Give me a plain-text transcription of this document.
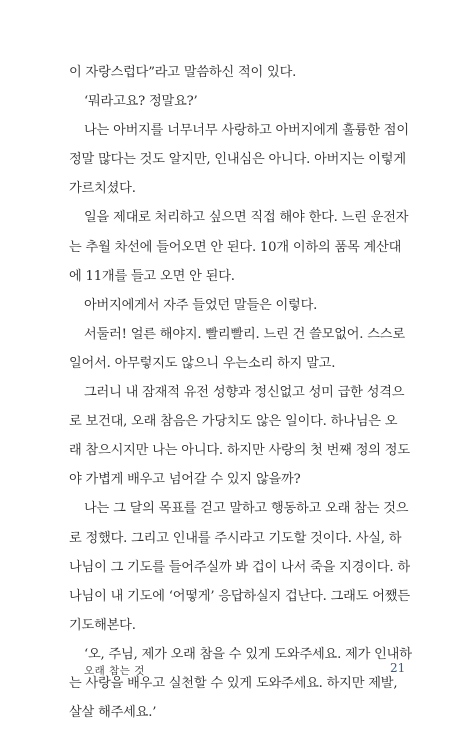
이 자랑스럽다”라고 말씀하신 적이 있다.
‘뭐라고요? 정말요?’
나는 아버지를 너무너무 사랑하고 아버지에게 훌륭한 점이
정말 많다는 것도 알지만, 인내심은 아니다. 아버지는 이렇게
가르치셨다.
일을 제대로 처리하고 싶으면 직접 해야 한다. 느린 운전자
는 추월 차선에 들어오면 안 된다. 10개 이하의 품목 계산대
에 11개를 들고 오면 안 된다.
아버지에게서 자주 들었던 말들은 이렇다.
서둘러! 얼른 해야지. 빨리빨리. 느린 건 쓸모없어. 스스로
일어서. 아무렇지도 않으니 우는소리 하지 말고.
그러니 내 잠재적 유전 성향과 정신없고 성미 급한 성격으
로 보건대, 오래 참음은 가당치도 않은 일이다. 하나님은 오
래 참으시지만 나는 아니다. 하지만 사랑의 첫 번째 정의 정도
야 가볍게 배우고 넘어갈 수 있지 않을까?
나는 그 달의 목표를 걷고 말하고 행동하고 오래 참는 것으
로 정했다. 그리고 인내를 주시라고 기도할 것이다. 사실, 하
나님이 그 기도를 들어주실까 봐 겁이 나서 죽을 지경이다. 하
나님이 내 기도에 ‘어떻게’ 응답하실지 겁난다. 그래도 어쨌든
기도해본다.
‘오, 주님, 제가 오래 참을 수 있게 도와주세요. 제가 인내하
는 사랑을 배우고 실천할 수 있게 도와주세요. 하지만 제발,
살살 해주세요.’
오래 참는 것	21
